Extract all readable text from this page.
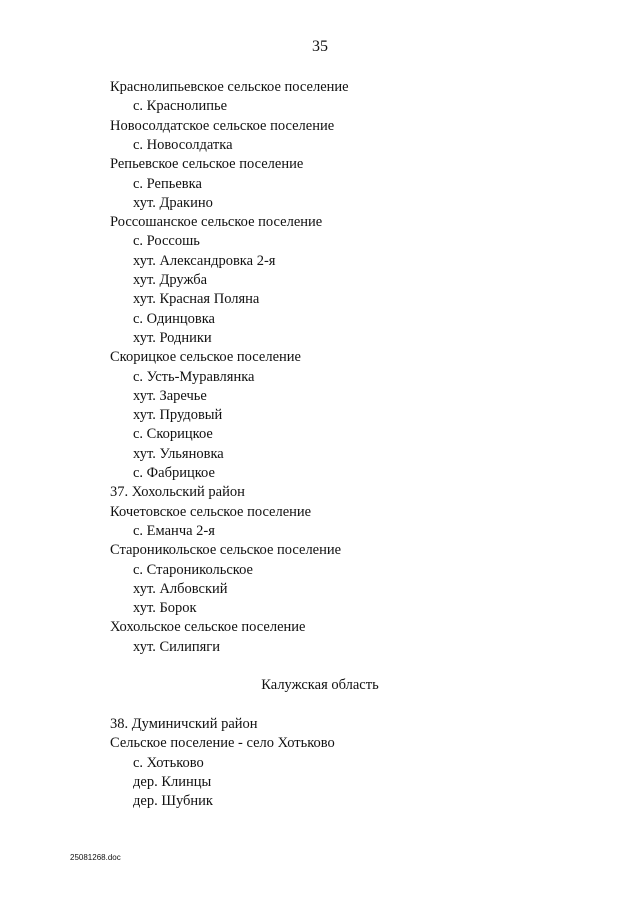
35
Краснолипьевское сельское поселение
с. Краснолипье
Новосолдатское сельское поселение
с. Новосолдатка
Репьевское сельское поселение
с. Репьевка
хут. Дракино
Россошанское сельское поселение
с. Россошь
хут. Александровка 2-я
хут. Дружба
хут. Красная Поляна
с. Одинцовка
хут. Родники
Скорицкое сельское поселение
с. Усть-Муравлянка
хут. Заречье
хут. Прудовый
с. Скорицкое
хут. Ульяновка
с. Фабрицкое
37. Хохольский район
Кочетовское сельское поселение
с. Еманча 2-я
Староникольское сельское поселение
с. Староникольское
хут. Албовский
хут. Борок
Хохольское сельское поселение
хут. Силипяги
Калужская область
38. Думиничский район
Сельское поселение - село Хотьково
с. Хотьково
дер. Клинцы
дер. Шубник
25081268.doc
